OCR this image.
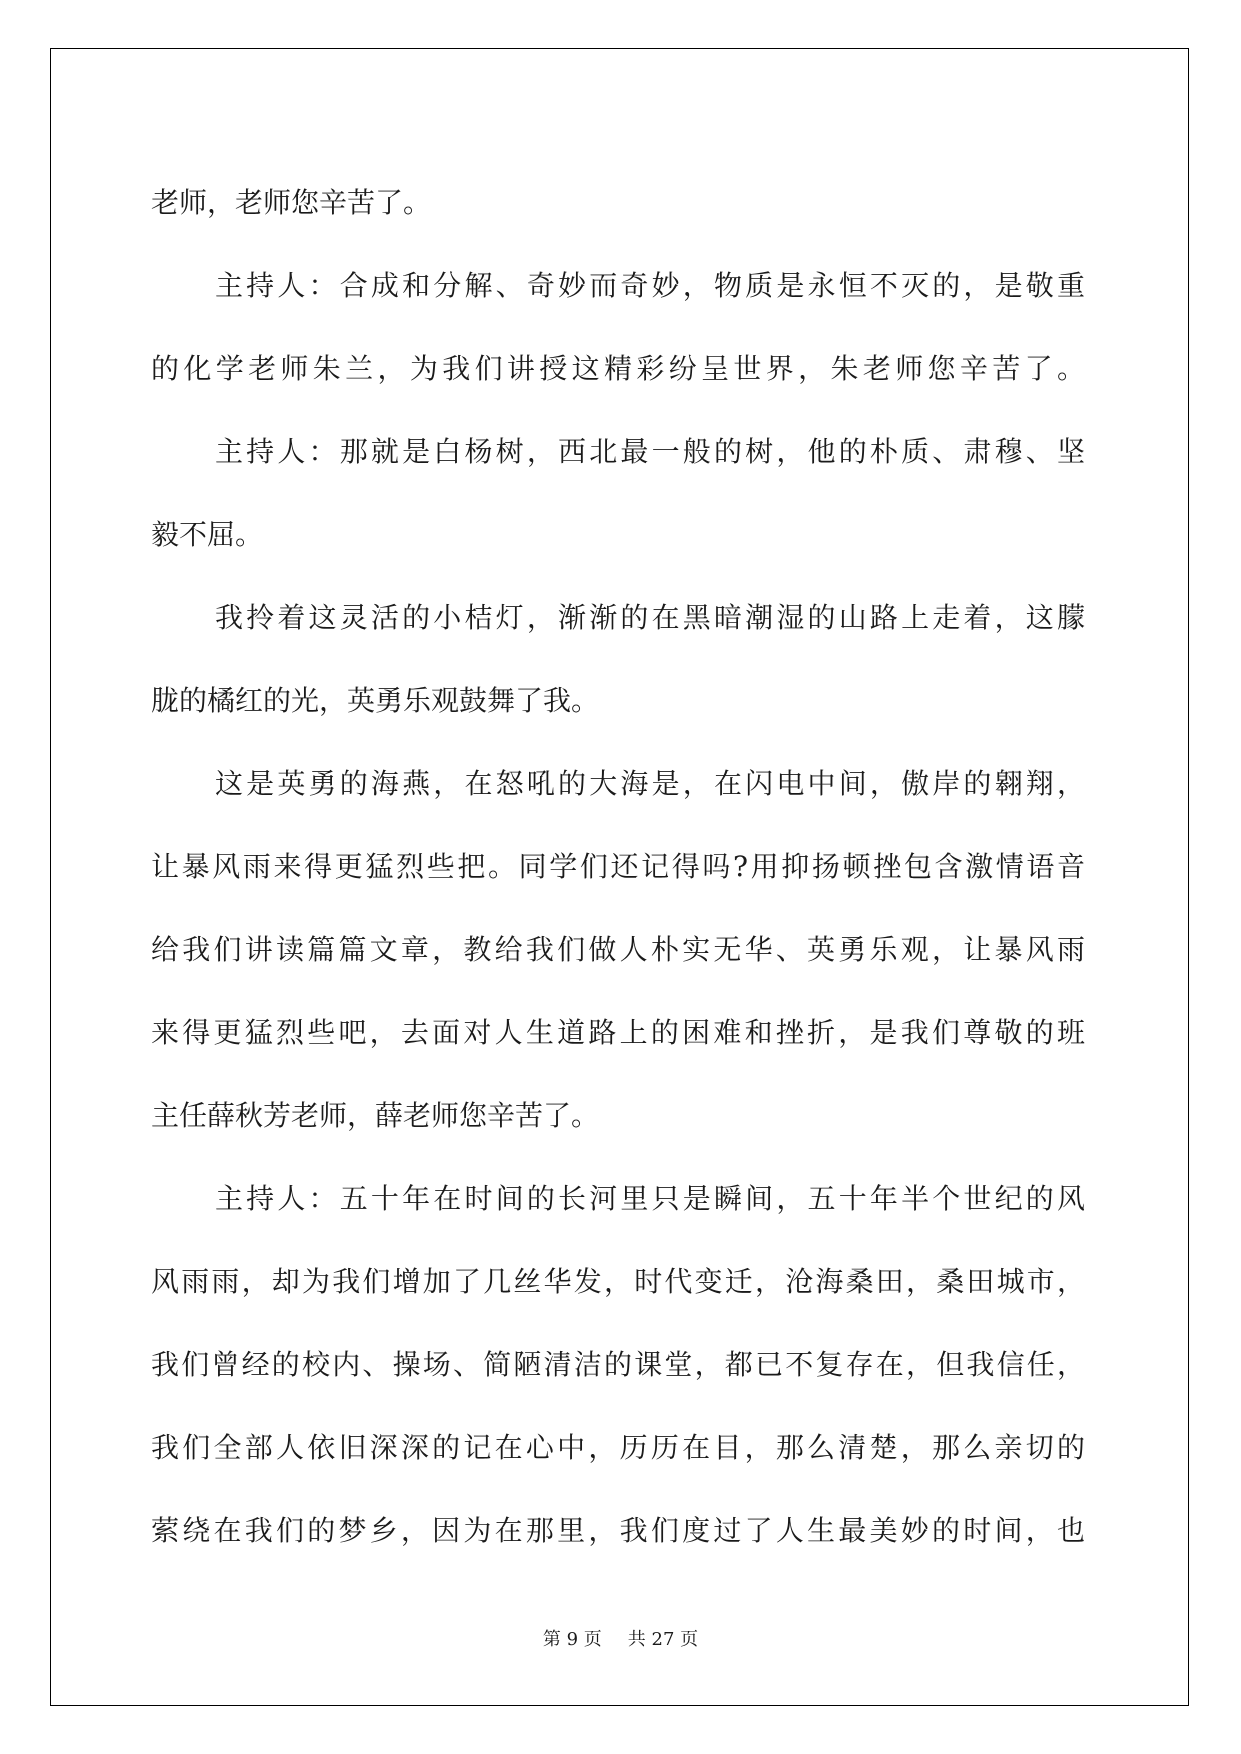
老师，老师您辛苦了。
主持人：合成和分解、奇妙而奇妙，物质是永恒不灭的，是敬重
的化学老师朱兰，为我们讲授这精彩纷呈世界，朱老师您辛苦了。
主持人：那就是白杨树，西北最一般的树，他的朴质、肃穆、坚
毅不屈。
我拎着这灵活的小桔灯，渐渐的在黑暗潮湿的山路上走着，这朦
胧的橘红的光，英勇乐观鼓舞了我。
这是英勇的海燕，在怒吼的大海是，在闪电中间，傲岸的翱翔，
让暴风雨来得更猛烈些把。同学们还记得吗?用抑扬顿挫包含激情语音
给我们讲读篇篇文章，教给我们做人朴实无华、英勇乐观，让暴风雨
来得更猛烈些吧，去面对人生道路上的困难和挫折，是我们尊敬的班
主任薛秋芳老师，薛老师您辛苦了。
主持人：五十年在时间的长河里只是瞬间，五十年半个世纪的风
风雨雨，却为我们增加了几丝华发，时代变迁，沧海桑田，桑田城市，
我们曾经的校内、操场、简陋清洁的课堂，都已不复存在，但我信任，
我们全部人依旧深深的记在心中，历历在目，那么清楚，那么亲切的
萦绕在我们的梦乡，因为在那里，我们度过了人生最美妙的时间，也
第 9 页 共 27 页
